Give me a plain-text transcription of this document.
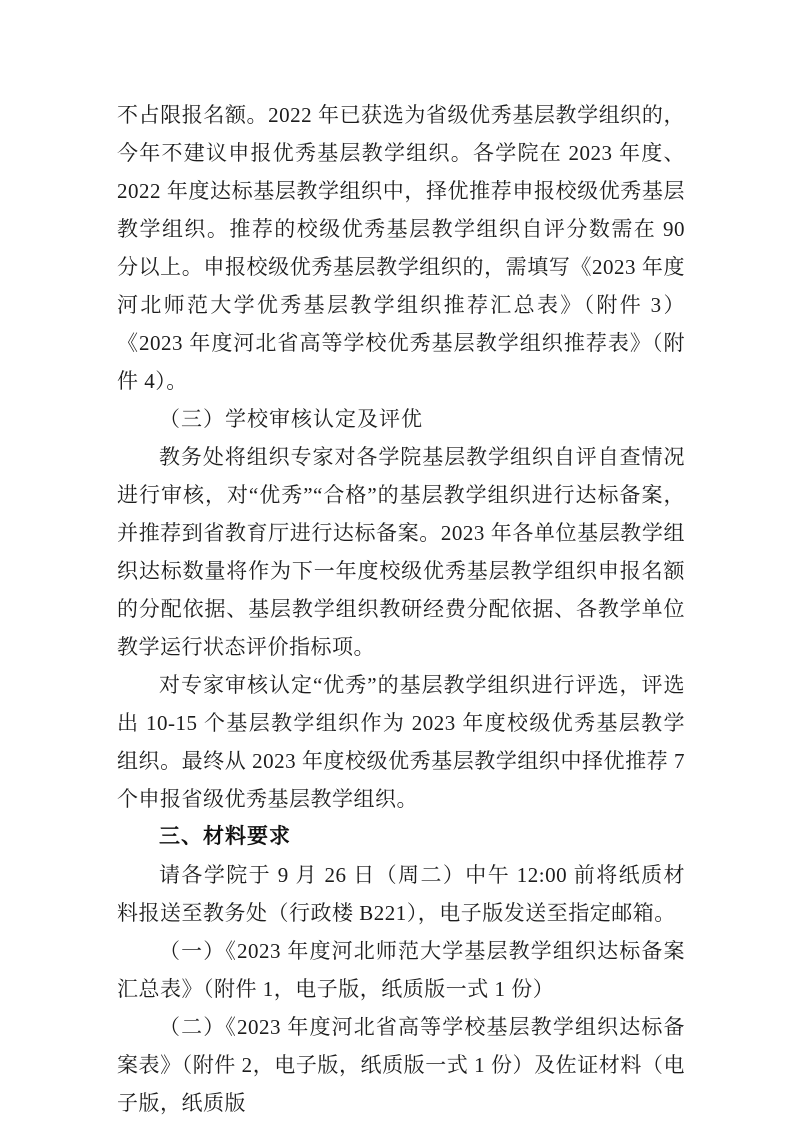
不占限报名额。2022 年已获选为省级优秀基层教学组织的，今年不建议申报优秀基层教学组织。各学院在 2023 年度、2022 年度达标基层教学组织中，择优推荐申报校级优秀基层教学组织。推荐的校级优秀基层教学组织自评分数需在 90 分以上。申报校级优秀基层教学组织的，需填写《2023 年度河北师范大学优秀基层教学组织推荐汇总表》（附件 3）《2023 年度河北省高等学校优秀基层教学组织推荐表》（附件 4）。

（三）学校审核认定及评优

教务处将组织专家对各学院基层教学组织自评自查情况进行审核，对“优秀”“合格”的基层教学组织进行达标备案，并推荐到省教育厅进行达标备案。2023 年各单位基层教学组织达标数量将作为下一年度校级优秀基层教学组织申报名额的分配依据、基层教学组织教研经费分配依据、各教学单位教学运行状态评价指标项。

对专家审核认定“优秀”的基层教学组织进行评选，评选出 10-15 个基层教学组织作为 2023 年度校级优秀基层教学组织。最终从 2023 年度校级优秀基层教学组织中择优推荐 7 个申报省级优秀基层教学组织。

三、材料要求

请各学院于 9 月 26 日（周二）中午 12:00 前将纸质材料报送至教务处（行政楼 B221），电子版发送至指定邮箱。

（一）《2023 年度河北师范大学基层教学组织达标备案汇总表》（附件 1，电子版，纸质版一式 1 份）

（二）《2023 年度河北省高等学校基层教学组织达标备案表》（附件 2，电子版，纸质版一式 1 份）及佐证材料（电子版，纸质版
